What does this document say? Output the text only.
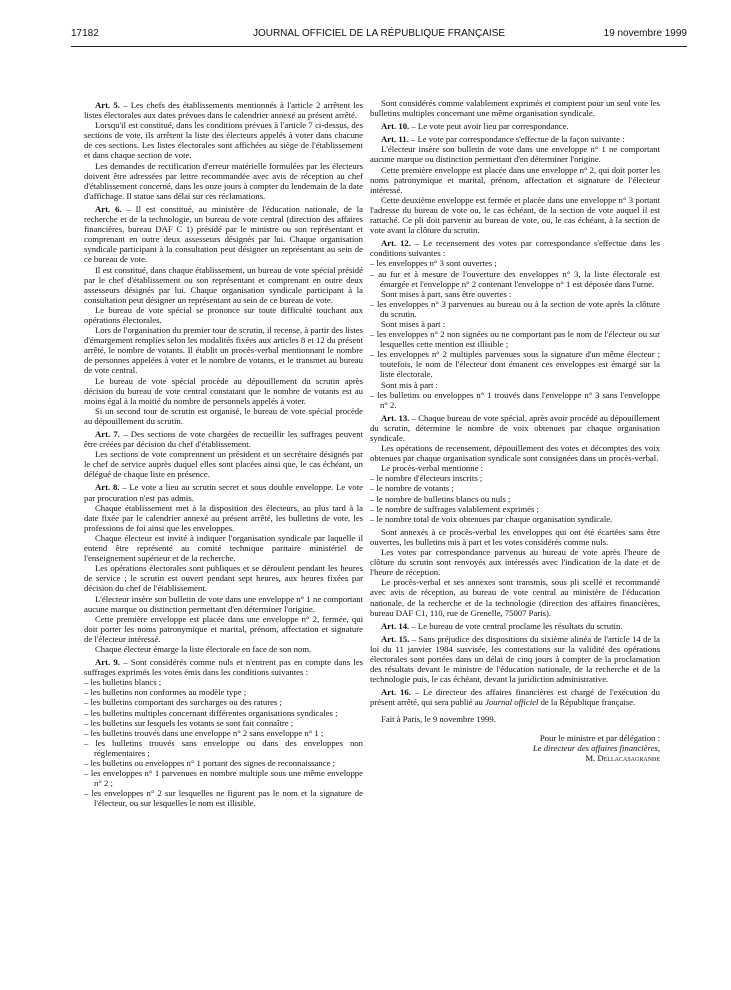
17182	JOURNAL OFFICIEL DE LA RÉPUBLIQUE FRANÇAISE	19 novembre 1999

Art. 5. – Les chefs des établissements mentionnés à l'article 2 arrêtent les listes électorales aux dates prévues dans le calendrier annexé au présent arrêté.

Lorsqu'il est constitué, dans les conditions prévues à l'article 7 ci-dessus, des sections de vote, ils arrêtent la liste des électeurs appelés à voter dans chacune de ces sections. Les listes électorales sont affichées au siège de l'établissement et dans chaque section de vote.

Les demandes de rectification d'erreur matérielle formulées par les électeurs doivent être adressées par lettre recommandée avec avis de réception au chef d'établissement concerné, dans les onze jours à compter du lendemain de la date d'affichage. Il statue sans délai sur ces réclamations.

Art. 6. – Il est constitué, au ministère de l'éducation nationale, de la recherche et de la technologie, un bureau de vote central (direction des affaires financières, bureau DAF C 1) présidé par le ministre ou son représentant et comprenant en outre deux assesseurs désignés par lui. Chaque organisation syndicale participant à la consultation peut désigner un représentant au sein de ce bureau de vote.

Il est constitué, dans chaque établissement, un bureau de vote spécial présidé par le chef d'établissement ou son représentant et comprenant en outre deux assesseurs désignés par lui. Chaque organisation syndicale participant à la consultation peut désigner un représentant au sein de ce bureau de vote.

Le bureau de vote spécial se prononce sur toute difficulté touchant aux opérations électorales.

Lors de l'organisation du premier tour de scrutin, il recense, à partir des listes d'émargement remplies selon les modalités fixées aux articles 8 et 12 du présent arrêté, le nombre de votants. Il établit un procès-verbal mentionnant le nombre de personnes appelées à voter et le nombre de votants, et le transmet au bureau de vote central.

Le bureau de vote spécial procède au dépouillement du scrutin après décision du bureau de vote central constatant que le nombre de votants est au moins égal à la moitié du nombre de personnels appelés à voter.

Si un second tour de scrutin est organisé, le bureau de vote spécial procède au dépouillement du scrutin.

Art. 7. – Des sections de vote chargées de recueillir les suffrages peuvent être créées par décision du chef d'établissement.

Les sections de vote comprennent un président et un secrétaire désignés par le chef de service auprès duquel elles sont placées ainsi que, le cas échéant, un délégué de chaque liste en présence.

Art. 8. – Le vote a lieu au scrutin secret et sous double enveloppe. Le vote par procuration n'est pas admis.

Chaque établissement met à la disposition des électeurs, au plus tard à la date fixée par le calendrier annexé au présent arrêté, les bulletins de vote, les professions de foi ainsi que les enveloppes.

Chaque électeur est invité à indiquer l'organisation syndicale par laquelle il entend être représenté au comité technique paritaire ministériel de l'enseignement supérieur et de la recherche.

Les opérations électorales sont publiques et se déroulent pendant les heures de service ; le scrutin est ouvert pendant sept heures, aux heures fixées par décision du chef de l'établissement.

L'électeur insère son bulletin de vote dans une enveloppe n° 1 ne comportant aucune marque ou distinction permettant d'en déterminer l'origine.

Cette première enveloppe est placée dans une enveloppe n° 2, fermée, qui doit porter les noms patronymique et marital, prénom, affectation et signature de l'électeur intéressé.

Chaque électeur émarge la liste électorale en face de son nom.

Art. 9. – Sont considérés comme nuls et n'entrent pas en compte dans les suffrages exprimés les votes émis dans les conditions suivantes :

– les bulletins blancs ;
– les bulletins non conformes au modèle type ;
– les bulletins comportant des surcharges ou des ratures ;
– les bulletins multiples concernant différentes organisations syndicales ;
– les bulletins sur lesquels les votants se sont fait connaître ;
– les bulletins trouvés dans une enveloppe n° 2 sans enveloppe n° 1 ;
– les bulletins trouvés sans enveloppe ou dans des enveloppes non réglementaires ;
– les bulletins ou enveloppes n° 1 portant des signes de reconnaissance ;
– les enveloppes n° 1 parvenues en nombre multiple sous une même enveloppe n° 2 ;
– les enveloppes n° 2 sur lesquelles ne figurent pas le nom et la signature de l'électeur, ou sur lesquelles le nom est illisible.

Sont considérés comme valablement exprimés et comptent pour un seul vote les bulletins multiples concernant une même organisation syndicale.

Art. 10. – Le vote peut avoir lieu par correspondance.

Art. 11. – Le vote par correspondance s'effectue de la façon suivante :

L'électeur insère son bulletin de vote dans une enveloppe n° 1 ne comportant aucune marque ou distinction permettant d'en déterminer l'origine.

Cette première enveloppe est placée dans une enveloppe n° 2, qui doit porter les noms patronymique et marital, prénom, affectation et signature de l'électeur intéressé.

Cette deuxième enveloppe est fermée et placée dans une enveloppe n° 3 portant l'adresse du bureau de vote ou, le cas échéant, de la section de vote auquel il est rattaché. Ce pli doit parvenir au bureau de vote, ou, le cas échéant, à la section de vote avant la clôture du scrutin.

Art. 12. – Le recensement des votes par correspondance s'effectue dans les conditions suivantes :

– les enveloppes n° 3 sont ouvertes ;
– au fur et à mesure de l'ouverture des enveloppes n° 3, la liste électorale est émargée et l'enveloppe n° 2 contenant l'enveloppe n° 1 est déposée dans l'urne.

Sont mises à part, sans être ouvertes :

– les enveloppes n° 3 parvenues au bureau ou à la section de vote après la clôture du scrutin.

Sont mises à part :

– les enveloppes n° 2 non signées ou ne comportant pas le nom de l'électeur ou sur lesquelles cette mention est illisible ;
– les enveloppes n° 2 multiples parvenues sous la signature d'un même électeur ; toutefois, le nom de l'électeur dont émanent ces enveloppes est émargé sur la liste électorale.

Sont mis à part :

– les bulletins ou enveloppes n° 1 trouvés dans l'enveloppe n° 3 sans l'enveloppe n° 2.

Art. 13. – Chaque bureau de vote spécial, après avoir procédé au dépouillement du scrutin, détermine le nombre de voix obtenues par chaque organisation syndicale.

Les opérations de recensement, dépouillement des votes et décomptes des voix obtenues par chaque organisation syndicale sont consignées dans un procès-verbal.

Le procès-verbal mentionne :

– le nombre d'électeurs inscrits ;
– le nombre de votants ;
– le nombre de bulletins blancs ou nuls ;
– le nombre de suffrages valablement exprimés ;
– le nombre total de voix obtenues par chaque organisation syndicale.

Sont annexés à ce procès-verbal les enveloppes qui ont été écartées sans être ouvertes, les bulletins mis à part et les votes considérés comme nuls.

Les votes par correspondance parvenus au bureau de vote après l'heure de clôture du scrutin sont renvoyés aux intéressés avec l'indication de la date et de l'heure de réception.

Le procès-verbal et ses annexes sont transmis, sous pli scellé et recommandé avec avis de réception, au bureau de vote central au ministère de l'éducation nationale, de la recherche et de la technologie (direction des affaires financières, bureau DAF C1, 110, rue de Grenelle, 75007 Paris).

Art. 14. – Le bureau de vote central proclame les résultats du scrutin.

Art. 15. – Sans préjudice des dispositions du sixième alinéa de l'article 14 de la loi du 11 janvier 1984 susvisée, les contestations sur la validité des opérations électorales sont portées dans un délai de cinq jours à compter de la proclamation des résultats devant le ministre de l'éducation nationale, de la recherche et de la technologie puis, le cas échéant, devant la juridiction administrative.

Art. 16. – Le directeur des affaires financières est chargé de l'exécution du présent arrêté, qui sera publié au Journal officiel de la République française.

Fait à Paris, le 9 novembre 1999.

Pour le ministre et par délégation :
Le directeur des affaires financières,
M. Dellacasagrande
